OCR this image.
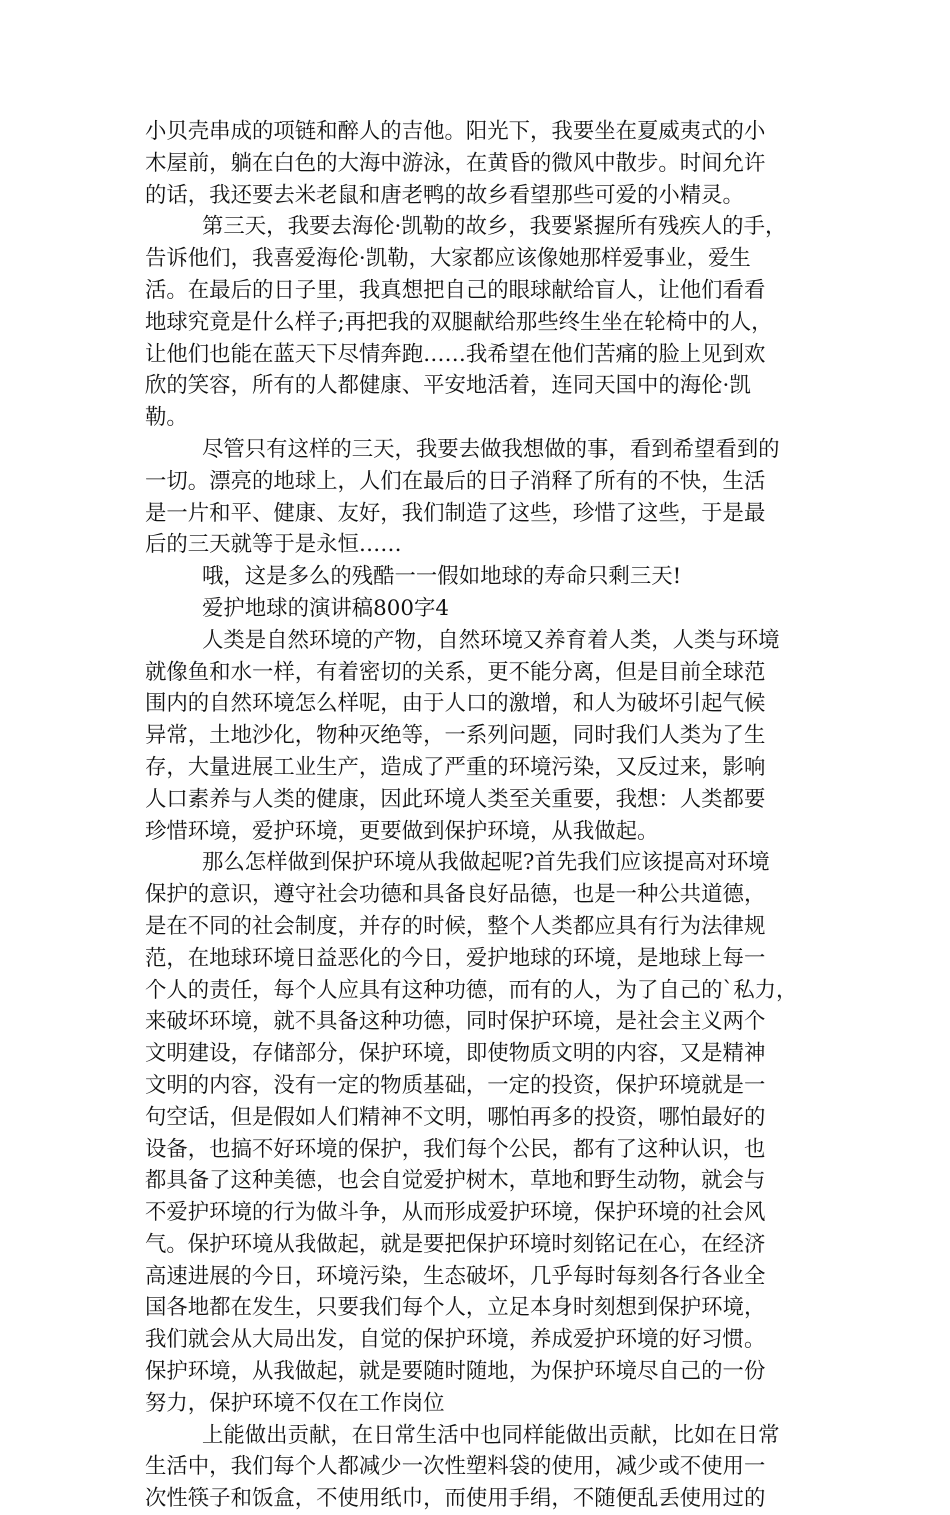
小贝壳串成的项链和醉人的吉他。阳光下，我要坐在夏威夷式的小
木屋前，躺在白色的大海中游泳，在黄昏的微风中散步。时间允许
的话，我还要去米老鼠和唐老鸭的故乡看望那些可爱的小精灵。

第三天，我要去海伦·凯勒的故乡，我要紧握所有残疾人的手，
告诉他们，我喜爱海伦·凯勒，大家都应该像她那样爱事业，爱生
活。在最后的日子里，我真想把自己的眼球献给盲人，让他们看看
地球究竟是什么样子;再把我的双腿献给那些终生坐在轮椅中的人，
让他们也能在蓝天下尽情奔跑……我希望在他们苦痛的脸上见到欢
欣的笑容，所有的人都健康、平安地活着，连同天国中的海伦·凯
勒。

尽管只有这样的三天，我要去做我想做的事，看到希望看到的
一切。漂亮的地球上，人们在最后的日子消释了所有的不快，生活
是一片和平、健康、友好，我们制造了这些，珍惜了这些，于是最
后的三天就等于是永恒……

哦，这是多么的残酷一一假如地球的寿命只剩三天!

爱护地球的演讲稿800字4

人类是自然环境的产物，自然环境又养育着人类，人类与环境
就像鱼和水一样，有着密切的关系，更不能分离，但是目前全球范
围内的自然环境怎么样呢，由于人口的激增，和人为破坏引起气候
异常，土地沙化，物种灭绝等，一系列问题，同时我们人类为了生
存，大量进展工业生产，造成了严重的环境污染，又反过来，影响
人口素养与人类的健康，因此环境人类至关重要，我想：人类都要
珍惜环境，爱护环境，更要做到保护环境，从我做起。

那么怎样做到保护环境从我做起呢?首先我们应该提高对环境
保护的意识，遵守社会功德和具备良好品德，也是一种公共道德，
是在不同的社会制度，并存的时候，整个人类都应具有行为法律规
范，在地球环境日益恶化的今日，爱护地球的环境，是地球上每一
个人的责任，每个人应具有这种功德，而有的人，为了自己的`私力，
来破坏环境，就不具备这种功德，同时保护环境，是社会主义两个
文明建设，存储部分，保护环境，即使物质文明的内容，又是精神
文明的内容，没有一定的物质基础，一定的投资，保护环境就是一
句空话，但是假如人们精神不文明，哪怕再多的投资，哪怕最好的
设备，也搞不好环境的保护，我们每个公民，都有了这种认识，也
都具备了这种美德，也会自觉爱护树木，草地和野生动物，就会与
不爱护环境的行为做斗争，从而形成爱护环境，保护环境的社会风
气。保护环境从我做起，就是要把保护环境时刻铭记在心，在经济
高速进展的今日，环境污染，生态破坏，几乎每时每刻各行各业全
国各地都在发生，只要我们每个人，立足本身时刻想到保护环境，
我们就会从大局出发，自觉的保护环境，养成爱护环境的好习惯。
保护环境，从我做起，就是要随时随地，为保护环境尽自己的一份
努力，保护环境不仅在工作岗位

上能做出贡献，在日常生活中也同样能做出贡献，比如在日常
生活中，我们每个人都减少一次性塑料袋的使用，减少或不使用一
次性筷子和饭盒，不使用纸巾，而使用手绢，不随便乱丢使用过的
